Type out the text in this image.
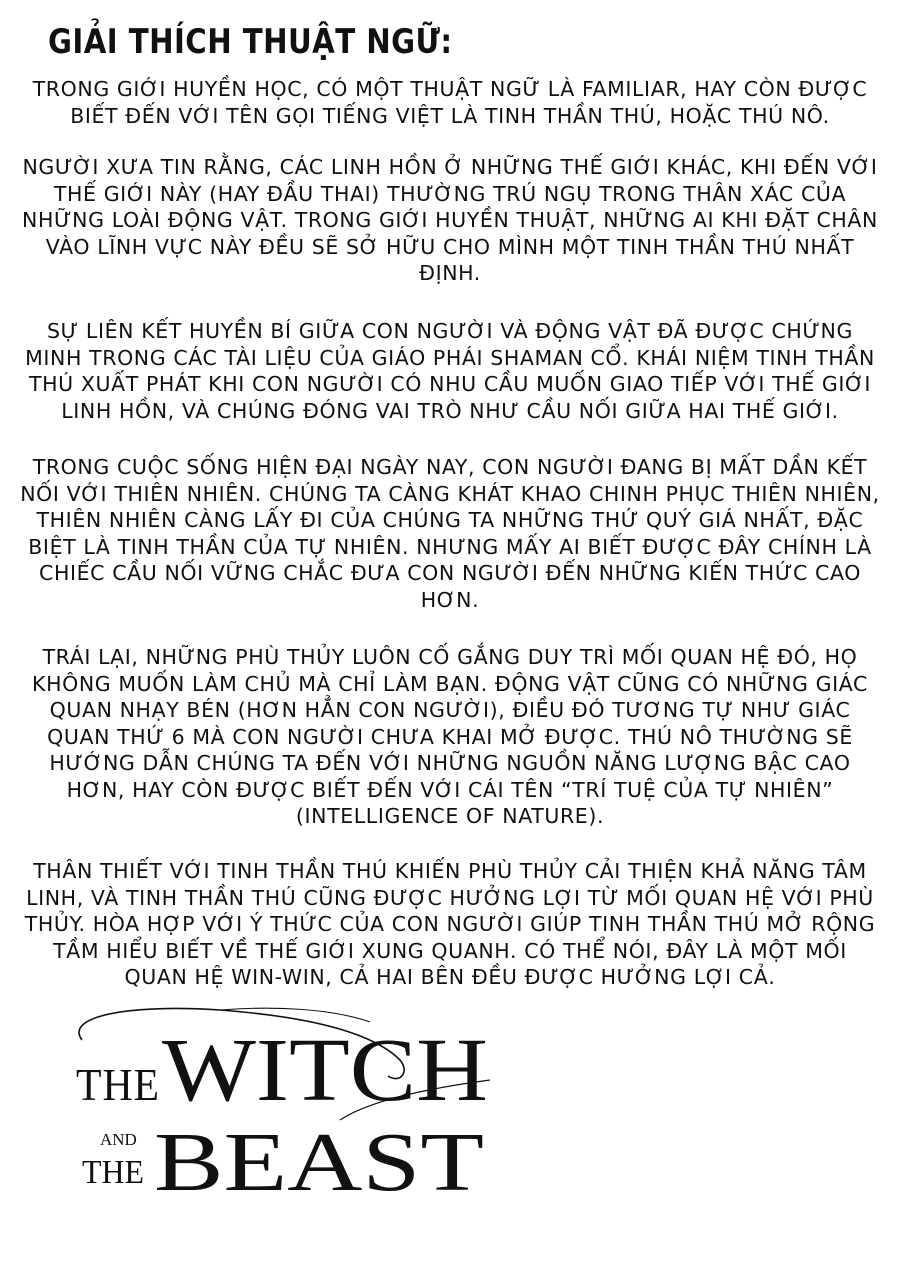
GIẢI THÍCH THUẬT NGỮ:

TRONG GIỚI HUYỀN HỌC, CÓ MỘT THUẬT NGỮ LÀ FAMILIAR, HAY CÒN ĐƯỢC BIẾT ĐẾN VỚI TÊN GỌI TIẾNG VIỆT LÀ TINH THẦN THÚ, HOẶC THÚ NÔ.

NGƯỜI XƯA TIN RẰNG, CÁC LINH HỒN Ở NHỮNG THẾ GIỚI KHÁC, KHI ĐẾN VỚI THẾ GIỚI NÀY (HAY ĐẦU THAI) THƯỜNG TRÚ NGỤ TRONG THÂN XÁC CỦA NHỮNG LOÀI ĐỘNG VẬT. TRONG GIỚI HUYỀN THUẬT, NHỮNG AI KHI ĐẶT CHÂN VÀO LĨNH VỰC NÀY ĐỀU SẼ SỞ HỮU CHO MÌNH MỘT TINH THẦN THÚ NHẤT ĐỊNH.

SỰ LIÊN KẾT HUYỀN BÍ GIỮA CON NGƯỜI VÀ ĐỘNG VẬT ĐÃ ĐƯỢC CHỨNG MINH TRONG CÁC TÀI LIỆU CỦA GIÁO PHÁI SHAMAN CỔ. KHÁI NIỆM TINH THẦN THÚ XUẤT PHÁT KHI CON NGƯỜI CÓ NHU CẦU MUỐN GIAO TIẾP VỚI THẾ GIỚI LINH HỒN, VÀ CHÚNG ĐÓNG VAI TRÒ NHƯ CẦU NỐI GIỮA HAI THẾ GIỚI.

TRONG CUỘC SỐNG HIỆN ĐẠI NGÀY NAY, CON NGƯỜI ĐANG BỊ MẤT DẦN KẾT NỐI VỚI THIÊN NHIÊN. CHÚNG TA CÀNG KHÁT KHAO CHINH PHỤC THIÊN NHIÊN, THIÊN NHIÊN CÀNG LẤY ĐI CỦA CHÚNG TA NHỮNG THỨ QUÝ GIÁ NHẤT, ĐẶC BIỆT LÀ TINH THẦN CỦA TỰ NHIÊN. NHƯNG MẤY AI BIẾT ĐƯỢC ĐÂY CHÍNH LÀ CHIẾC CẦU NỐI VỮNG CHẮC ĐƯA CON NGƯỜI ĐẾN NHỮNG KIẾN THỨC CAO HƠN.

TRÁI LẠI, NHỮNG PHÙ THỦY LUÔN CỐ GẮNG DUY TRÌ MỐI QUAN HỆ ĐÓ, HỌ KHÔNG MUỐN LÀM CHỦ MÀ CHỈ LÀM BẠN. ĐỘNG VẬT CŨNG CÓ NHỮNG GIÁC QUAN NHẠY BÉN (HƠN HẲN CON NGƯỜI), ĐIỀU ĐÓ TƯƠNG TỰ NHƯ GIÁC QUAN THỨ 6 MÀ CON NGƯỜI CHƯA KHAI MỞ ĐƯỢC. THÚ NÔ THƯỜNG SẼ HƯỚNG DẪN CHÚNG TA ĐẾN VỚI NHỮNG NGUỒN NĂNG LƯỢNG BẬC CAO HƠN, HAY CÒN ĐƯỢC BIẾT ĐẾN VỚI CÁI TÊN “TRÍ TUỆ CỦA TỰ NHIÊN” (INTELLIGENCE OF NATURE).

THÂN THIẾT VỚI TINH THẦN THÚ KHIẾN PHÙ THỦY CẢI THIỆN KHẢ NĂNG TÂM LINH, VÀ TINH THẦN THÚ CŨNG ĐƯỢC HƯỞNG LỢI TỪ MỐI QUAN HỆ VỚI PHÙ THỦY. HÒA HỢP VỚI Ý THỨC CỦA CON NGƯỜI GIÚP TINH THẦN THÚ MỞ RỘNG TẦM HIỂU BIẾT VỀ THẾ GIỚI XUNG QUANH. CÓ THỂ NÓI, ĐÂY LÀ MỘT MỐI QUAN HỆ WIN-WIN, CẢ HAI BÊN ĐỀU ĐƯỢC HƯỞNG LỢI CẢ.

THE WITCH
AND
THE BEAST
